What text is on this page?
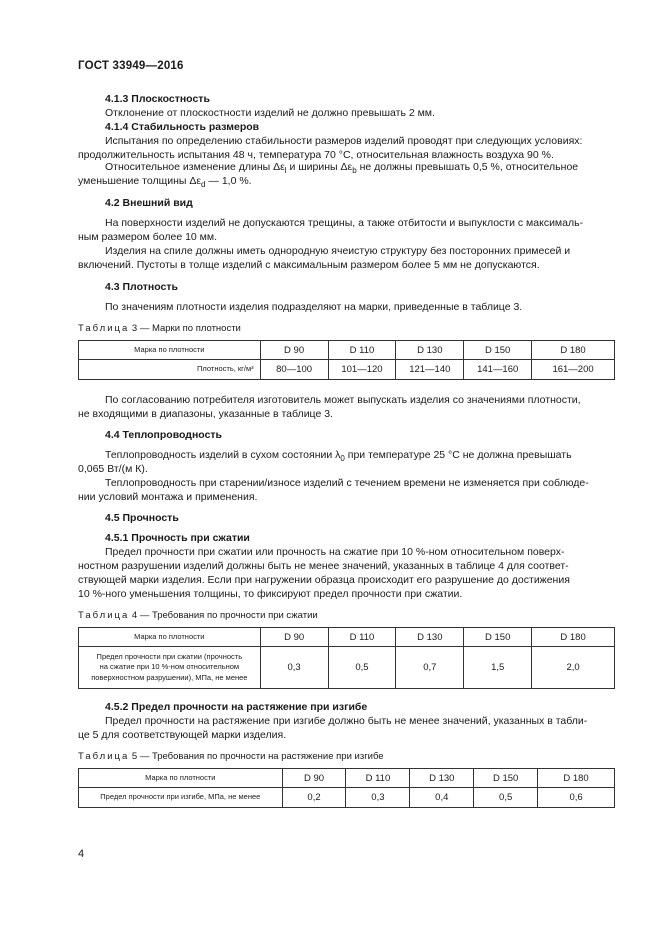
ГОСТ 33949—2016
4.1.3 Плоскостность
Отклонение от плоскостности изделий не должно превышать 2 мм.
4.1.4 Стабильность размеров
Испытания по определению стабильности размеров изделий проводят при следующих условиях:
продолжительность испытания 48 ч, температура 70 °С, относительная влажность воздуха 90 %.
Относительное изменение длины $\Delta\varepsilon_l$ и ширины $\Delta\varepsilon_b$ не должны превышать 0,5 %, относительное
уменьшение толщины $\Delta\varepsilon_d$ — 1,0 %.
4.2 Внешний вид
На поверхности изделий не допускаются трещины, а также отбитости и выпуклости с максималь-
ным размером более 10 мм.
Изделия на спиле должны иметь однородную ячеистую структуру без посторонних примесей и
включений. Пустоты в толще изделий с максимальным размером более 5 мм не допускаются.
4.3 Плотность
По значениям плотности изделия подразделяют на марки, приведенные в таблице 3.
Таблица 3 — Марки по плотности
Марка по плотности	D 90	D 110	D 130	D 150	D 180
Плотность, кг/м³	80—100	101—120	121—140	141—160	161—200
По согласованию потребителя изготовитель может выпускать изделия со значениями плотности,
не входящими в диапазоны, указанные в таблице 3.
4.4 Теплопроводность
Теплопроводность изделий в сухом состоянии $\lambda_0$ при температуре 25 °С не должна превышать
0,065 Вт/(м К).
Теплопроводность при старении/износе изделий с течением времени не изменяется при соблюде-
нии условий монтажа и применения.
4.5 Прочность
4.5.1 Прочность при сжатии
Предел прочности при сжатии или прочность на сжатие при 10 %-ном относительном поверх-
ностном разрушении изделий должны быть не менее значений, указанных в таблице 4 для соответ-
ствующей марки изделия. Если при нагружении образца происходит его разрушение до достижения
10 %-ного уменьшения толщины, то фиксируют предел прочности при сжатии.
Таблица 4 — Требования по прочности при сжатии
Марка по плотности	D 90	D 110	D 130	D 150	D 180

Предел прочности при сжатии (прочность
на сжатие при 10 %-ном относительном
поверхностном разрушении), МПа, не менее	0,3	0,5	0,7	1,5	2,0
4.5.2 Предел прочности на растяжение при изгибе
Предел прочности на растяжение при изгибе должно быть не менее значений, указанных в табли-
це 5 для соответствующей марки изделия.
Таблица 5 — Требования по прочности на растяжение при изгибе
Марка по плотности	D 90	D 110	D 130	D 150	D 180
Предел прочности при изгибе, МПа, не менее	0,2	0,3	0,4	0,5	0,6
4
